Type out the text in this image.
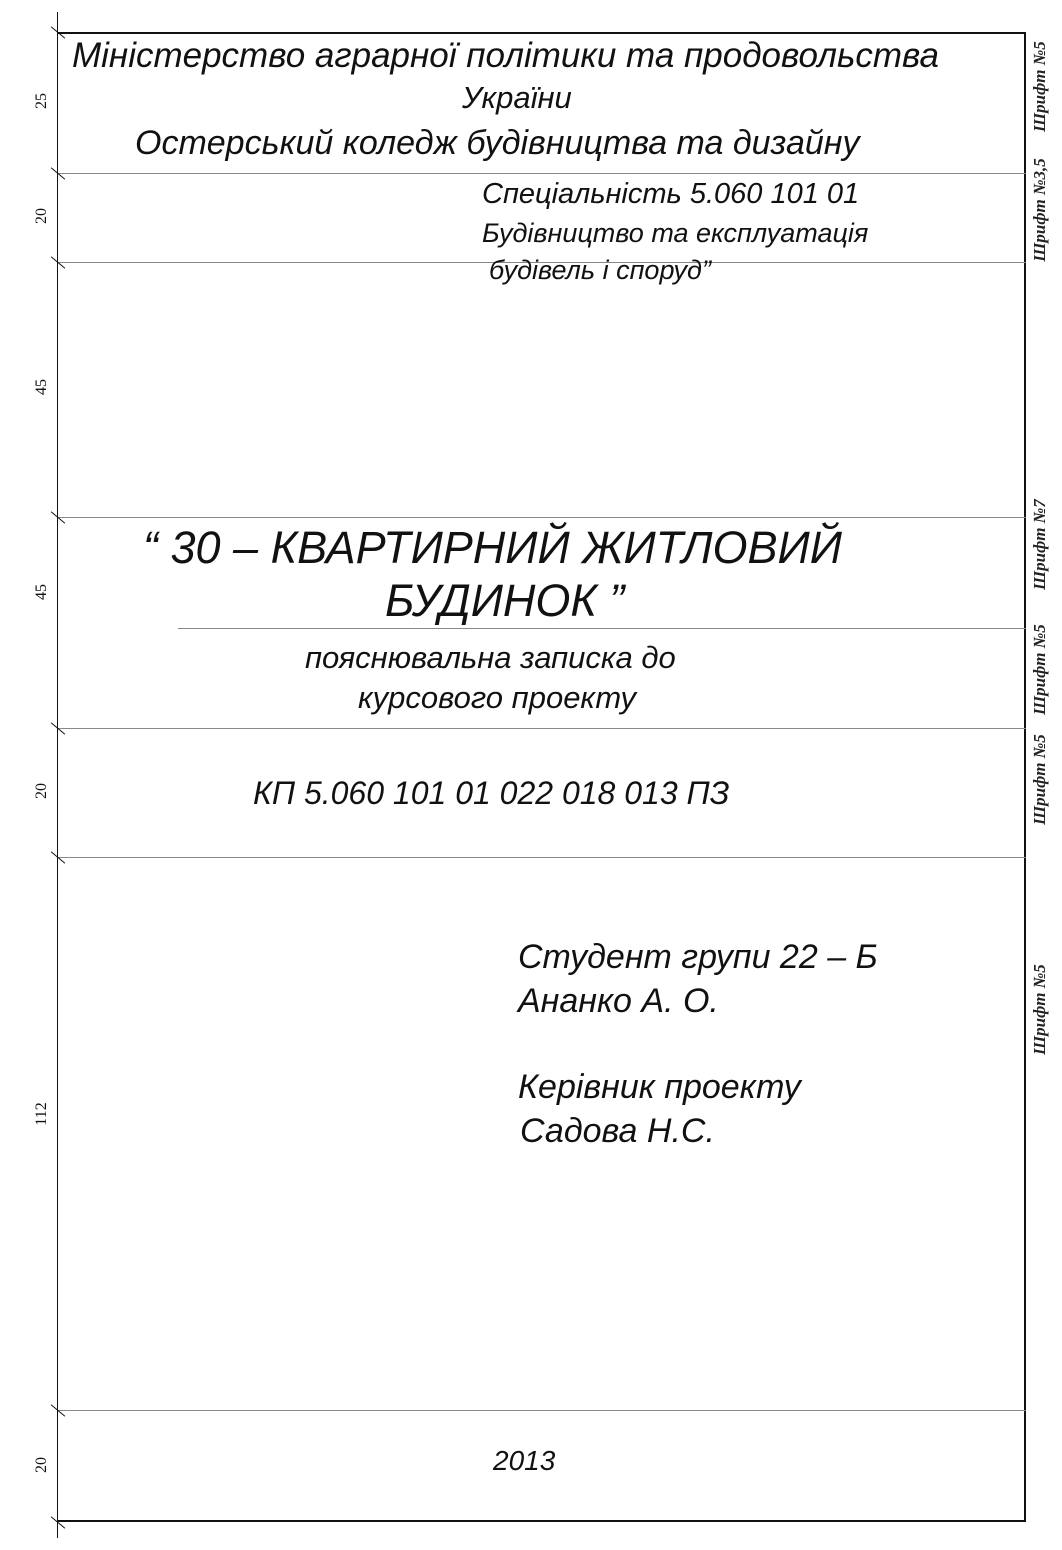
25
20
45
45
20
112
20
Шрифт №5
Шрифт №3,5
Шрифт №7
Шрифт №5
Шрифт №5
Шрифт №5
Міністерство аграрної політики та продовольства
України
Остерський коледж будівництва та дизайну
Спеціальність 5.060 101 01
Будівництво та експлуатація
будівель і споруд”
“ 30 – КВАРТИРНИЙ ЖИТЛОВИЙ
БУДИНОК ”
пояснювальна записка до
курсового проекту
КП 5.060 101 01 022 018 013 ПЗ
Студент групи 22 – Б
Ананко А. О.
Керівник проекту
Садова Н.С.
2013
